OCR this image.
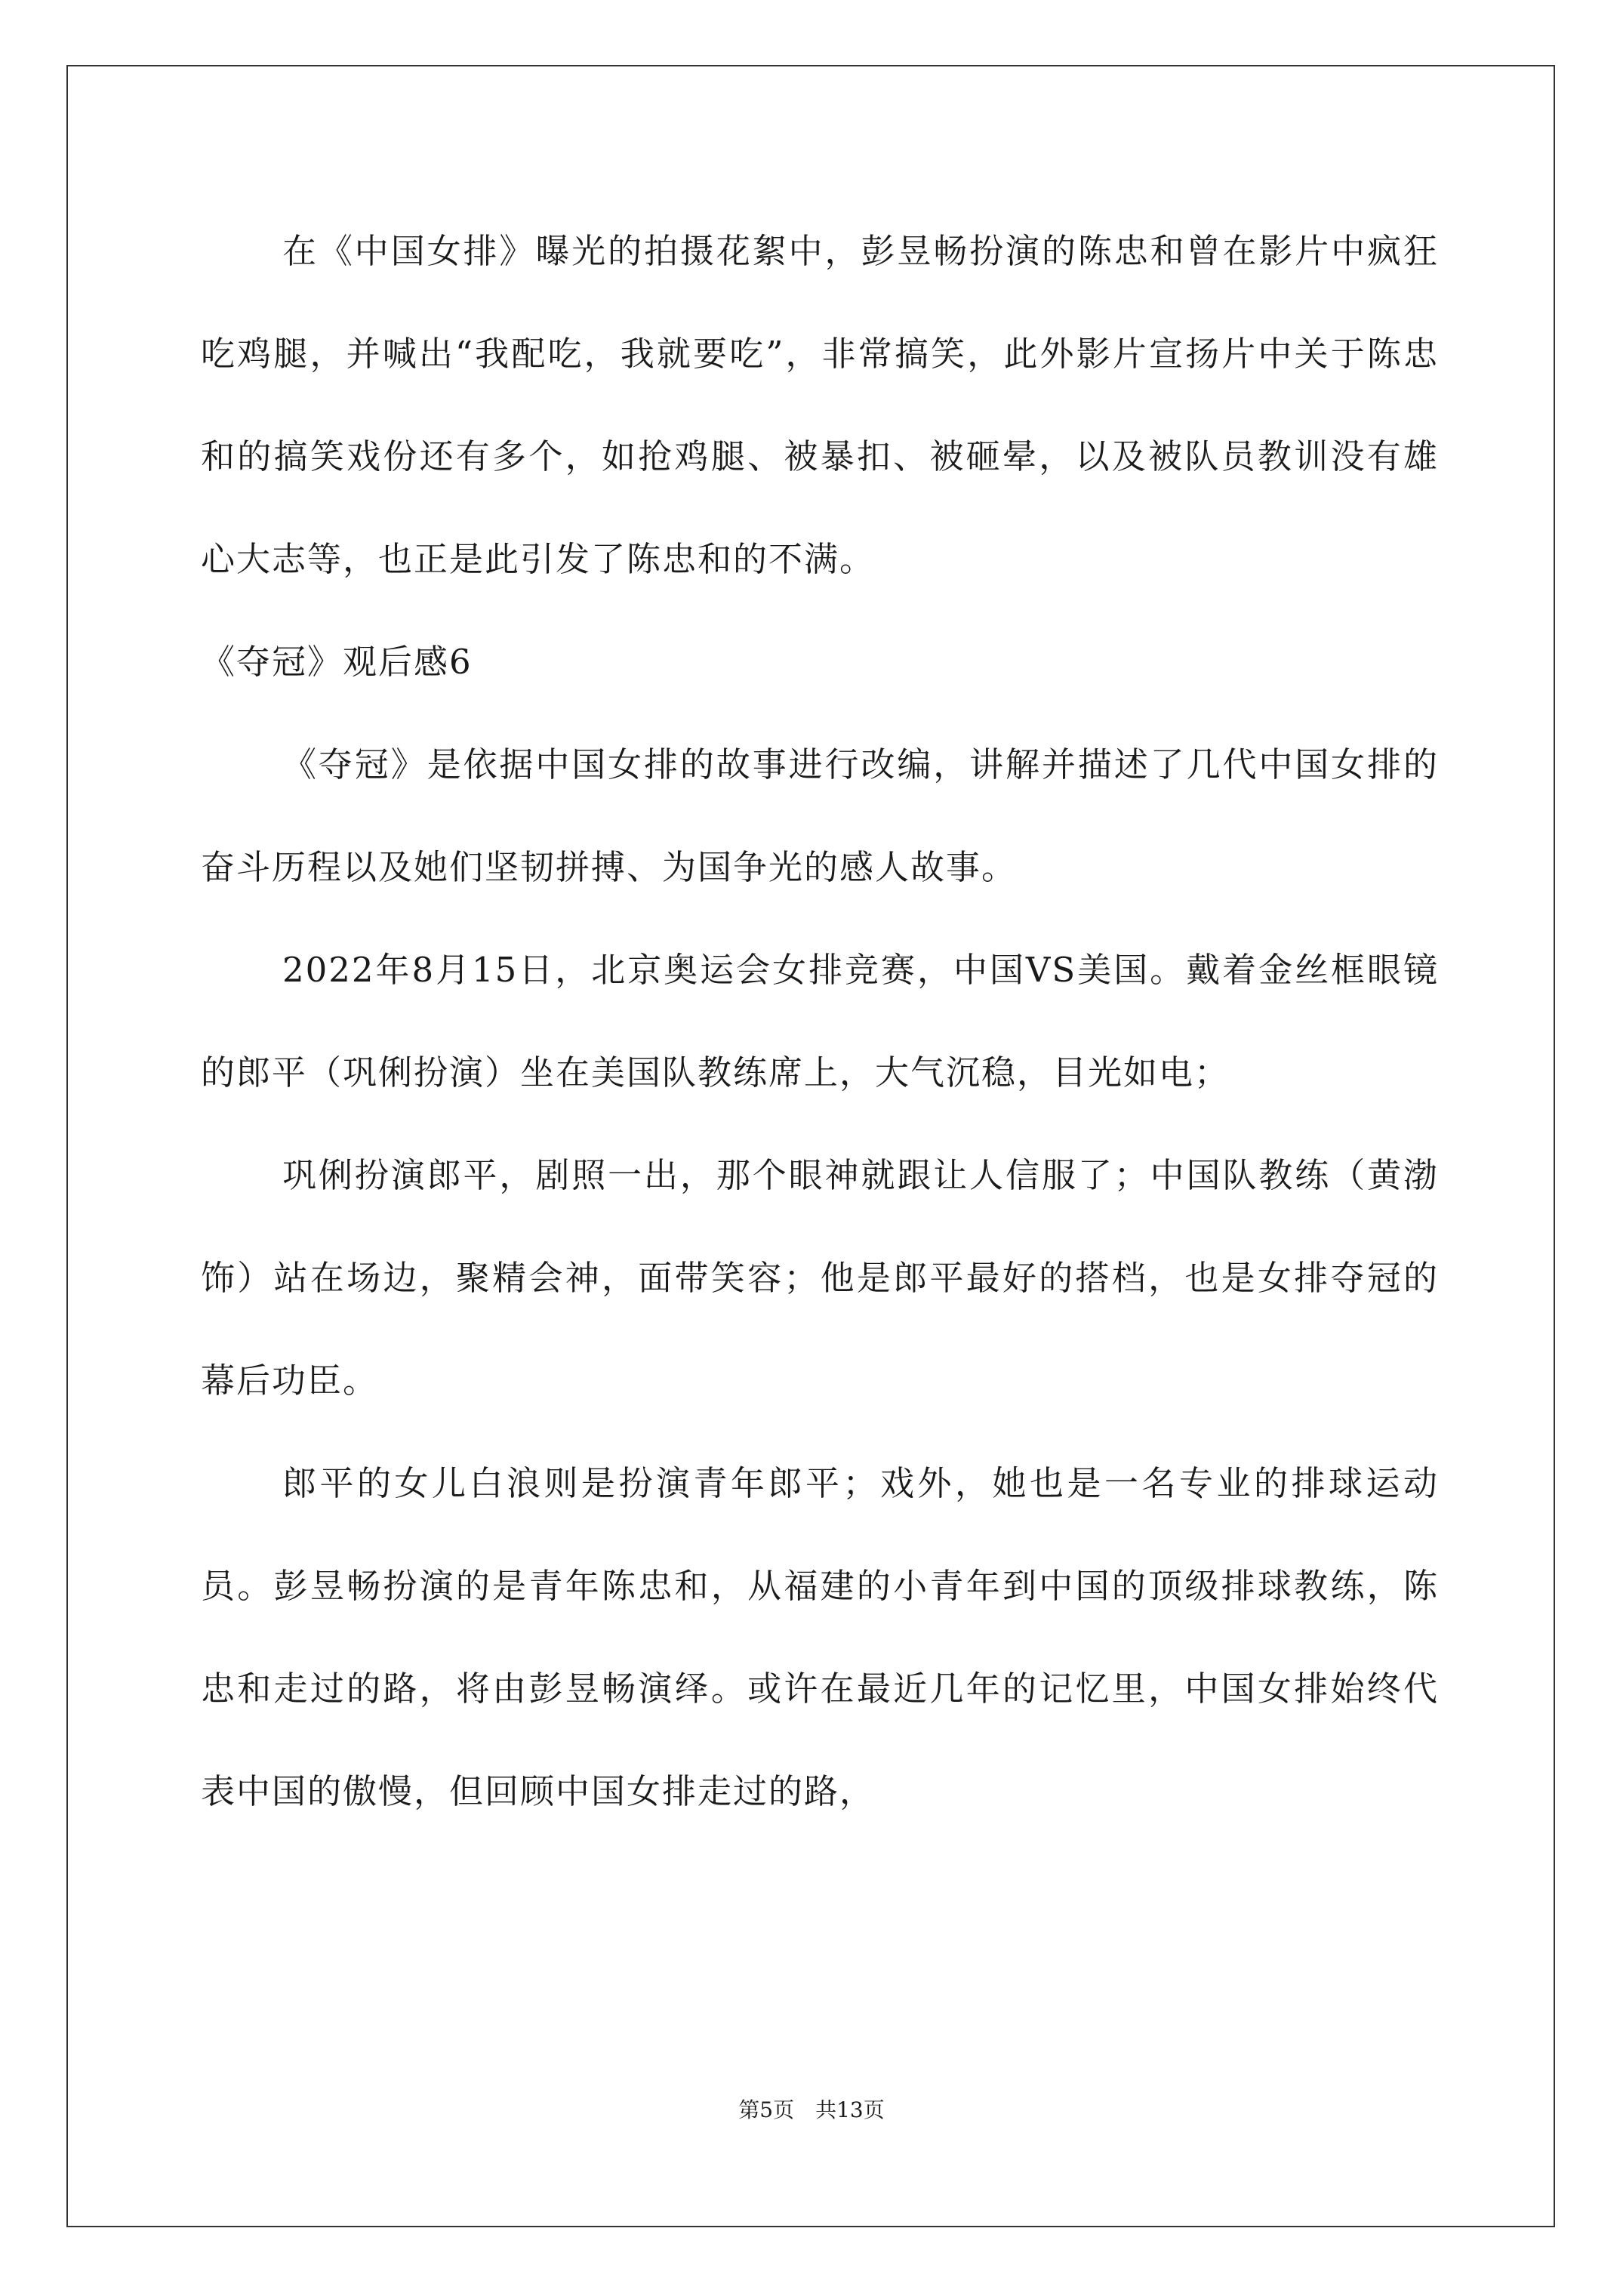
在《中国女排》曝光的拍摄花絮中，彭昱畅扮演的陈忠和曾在影片中疯狂吃鸡腿，并喊出“我配吃，我就要吃”，非常搞笑，此外影片宣扬片中关于陈忠和的搞笑戏份还有多个，如抢鸡腿、被暴扣、被砸晕，以及被队员教训没有雄心大志等，也正是此引发了陈忠和的不满。

《夺冠》观后感6

《夺冠》是依据中国女排的故事进行改编，讲解并描述了几代中国女排的奋斗历程以及她们坚韧拼搏、为国争光的感人故事。

2022年8月15日，北京奥运会女排竞赛，中国VS美国。戴着金丝框眼镜的郎平（巩俐扮演）坐在美国队教练席上，大气沉稳，目光如电；

巩俐扮演郎平，剧照一出，那个眼神就跟让人信服了；中国队教练（黄渤饰）站在场边，聚精会神，面带笑容；他是郎平最好的搭档，也是女排夺冠的幕后功臣。

郎平的女儿白浪则是扮演青年郎平；戏外，她也是一名专业的排球运动员。彭昱畅扮演的是青年陈忠和，从福建的小青年到中国的顶级排球教练，陈忠和走过的路，将由彭昱畅演绎。或许在最近几年的记忆里，中国女排始终代表中国的傲慢，但回顾中国女排走过的路，

第5页　共13页
